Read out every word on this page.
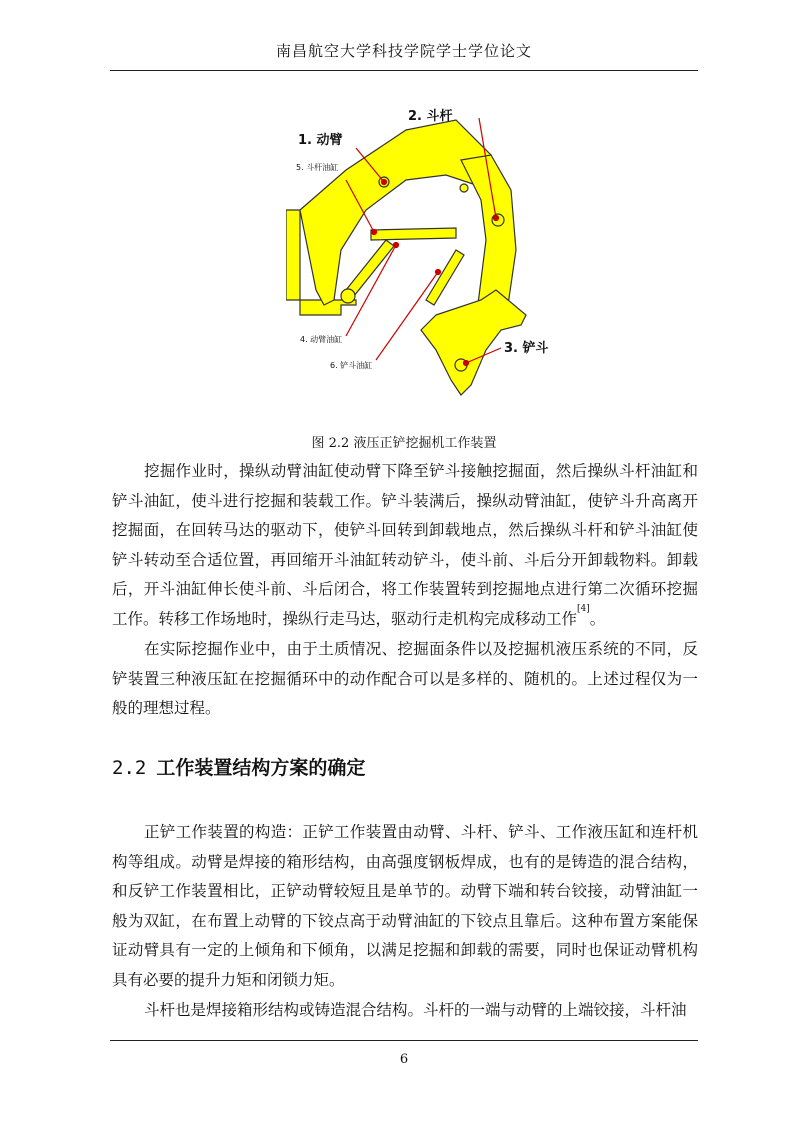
南昌航空大学科技学院学士学位论文
1. 动臂
2. 斗杆
3. 铲斗
5. 斗杆油缸
4. 动臂油缸
6. 铲斗油缸
图 2.2 液压正铲挖掘机工作装置

挖掘作业时，操纵动臂油缸使动臂下降至铲斗接触挖掘面，然后操纵斗杆油缸和铲斗油缸，使斗进行挖掘和装载工作。铲斗装满后，操纵动臂油缸，使铲斗升高离开挖掘面，在回转马达的驱动下，使铲斗回转到卸载地点，然后操纵斗杆和铲斗油缸使铲斗转动至合适位置，再回缩开斗油缸转动铲斗，使斗前、斗后分开卸载物料。卸载后，开斗油缸伸长使斗前、斗后闭合，将工作装置转到挖掘地点进行第二次循环挖掘工作。转移工作场地时，操纵行走马达，驱动行走机构完成移动工作[4]。

在实际挖掘作业中，由于土质情况、挖掘面条件以及挖掘机液压系统的不同，反铲装置三种液压缸在挖掘循环中的动作配合可以是多样的、随机的。上述过程仅为一般的理想过程。

2.2 工作装置结构方案的确定

正铲工作装置的构造：正铲工作装置由动臂、斗杆、铲斗、工作液压缸和连杆机构等组成。动臂是焊接的箱形结构，由高强度钢板焊成，也有的是铸造的混合结构，和反铲工作装置相比，正铲动臂较短且是单节的。动臂下端和转台铰接，动臂油缸一般为双缸，在布置上动臂的下铰点高于动臂油缸的下铰点且靠后。这种布置方案能保证动臂具有一定的上倾角和下倾角，以满足挖掘和卸载的需要，同时也保证动臂机构具有必要的提升力矩和闭锁力矩。

斗杆也是焊接箱形结构或铸造混合结构。斗杆的一端与动臂的上端铰接，斗杆油

6
